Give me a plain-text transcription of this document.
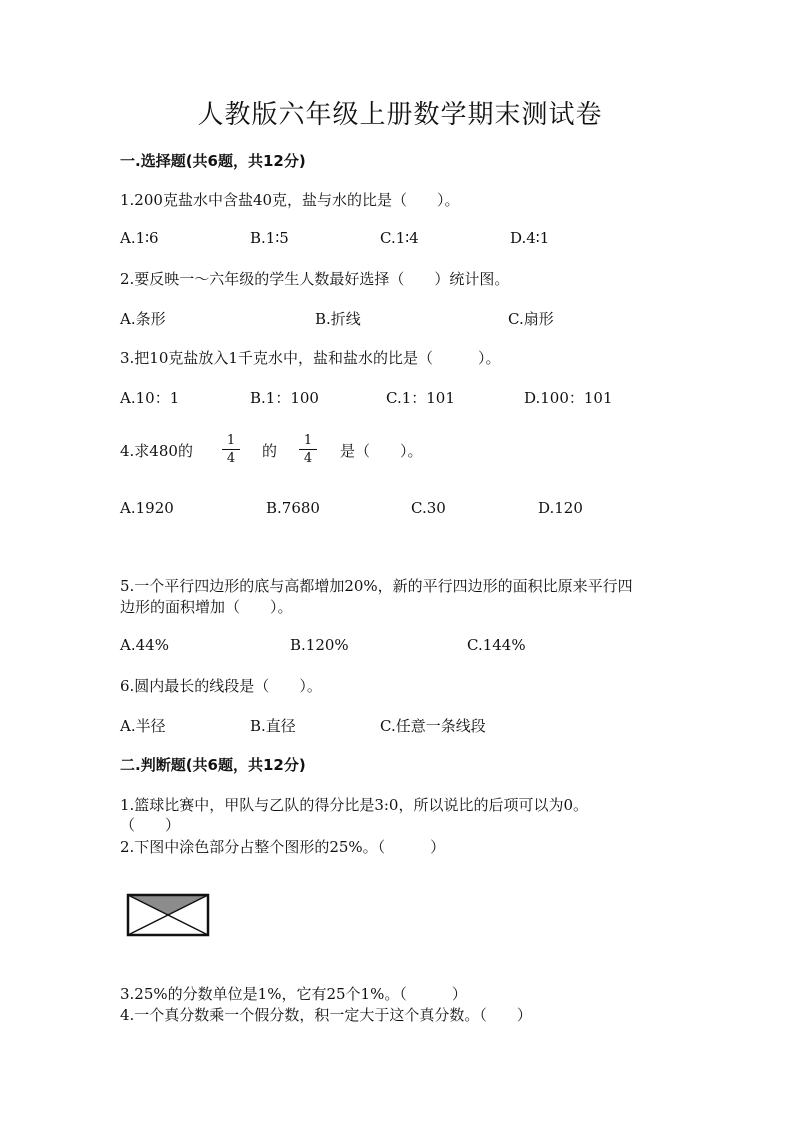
人教版六年级上册数学期末测试卷
一.选择题(共6题，共12分)
1.200克盐水中含盐40克，盐与水的比是（　　）。
A.1∶6	B.1∶5	C.1∶4	D.4∶1
2.要反映一～六年级的学生人数最好选择（　　）统计图。
A.条形	B.折线	C.扇形
3.把10克盐放入1千克水中，盐和盐水的比是（　　　）。
A.10：1	B.1：100	C.1：101	D.100：101
4.求480的
1
4	的
1
4	是（　　）。
A.1920	B.7680	C.30	D.120
5.一个平行四边形的底与高都增加20%，新的平行四边形的面积比原来平行四
边形的面积增加（　　）。
A.44%	B.120%	C.144%
6.圆内最长的线段是（　　）。
A.半径	B.直径	C.任意一条线段
二.判断题(共6题，共12分)
1.篮球比赛中，甲队与乙队的得分比是3:0，所以说比的后项可以为0。
（　　）
2.下图中涂色部分占整个图形的25%。（　　　）
3.25%的分数单位是1%，它有25个1%。（　　　）
4.一个真分数乘一个假分数，积一定大于这个真分数。（　　）
